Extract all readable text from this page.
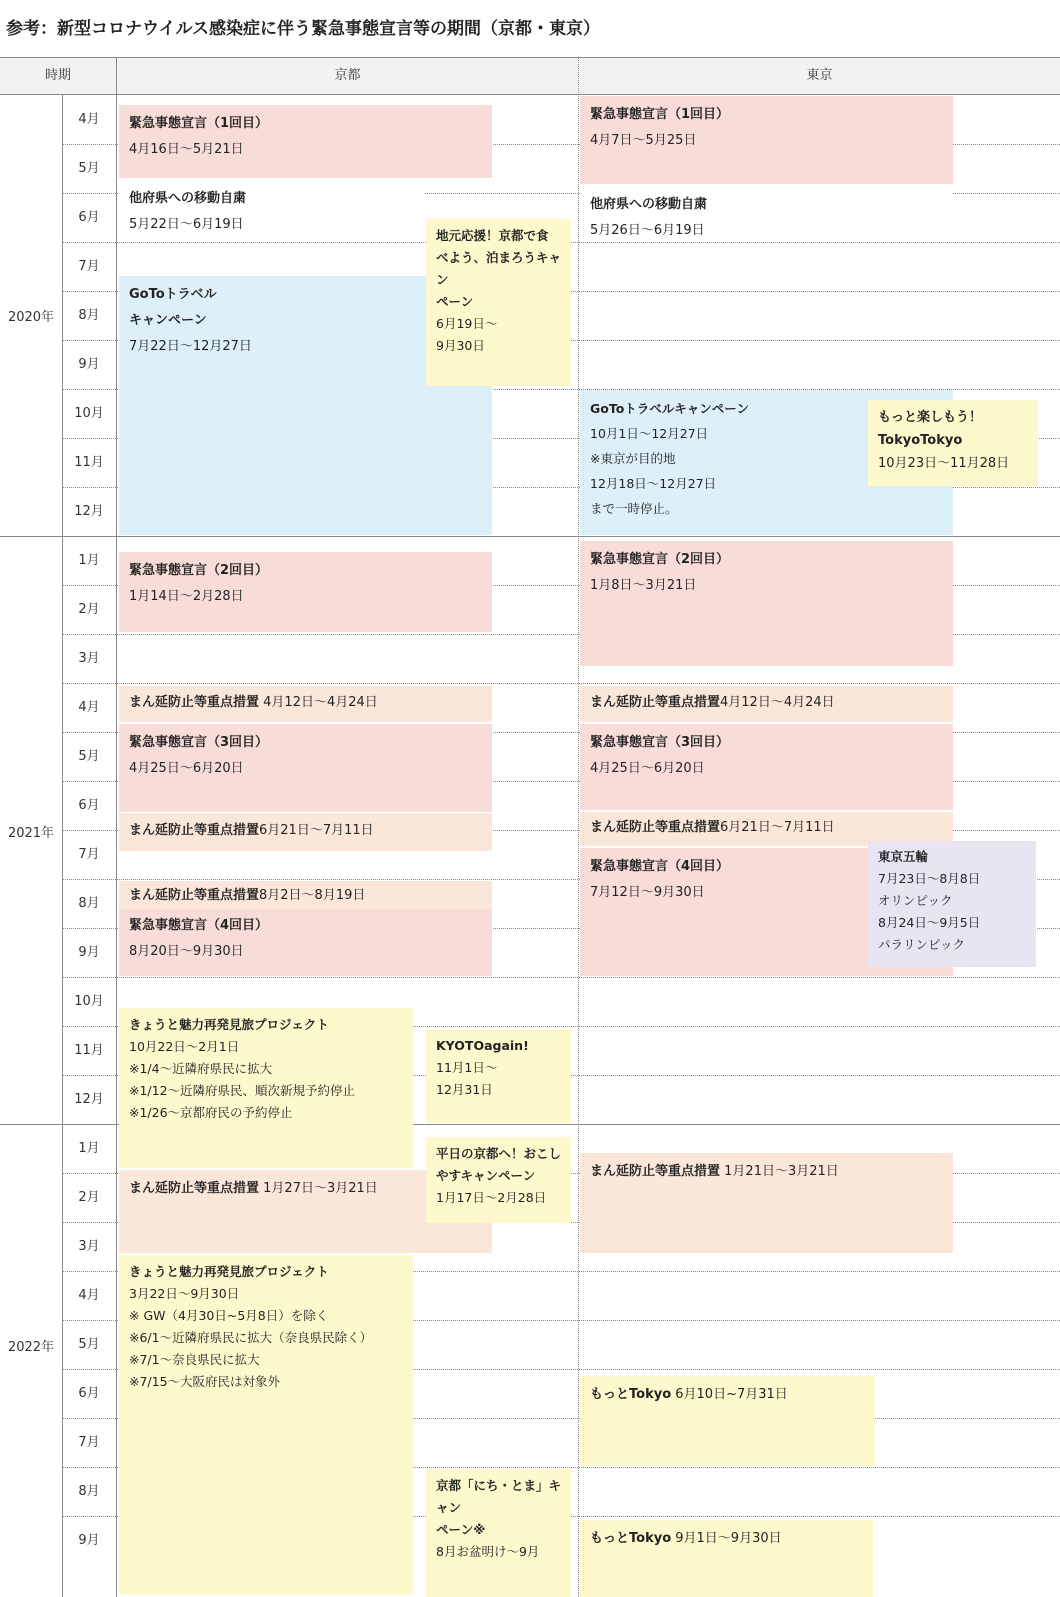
参考：新型コロナウイルス感染症に伴う緊急事態宣言等の期間（京都・東京）
時期	京都	東京
4月
5月
6月
7月
8月
9月
10月
11月
12月
1月
2月
3月
4月
5月
6月
7月
8月
9月
10月
11月
12月
1月
2月
3月
4月
5月
6月
7月
8月
9月
2020年
2021年
2022年
緊急事態宣言（1回目）
4月16日～5月21日
他府県への移動自粛
5月22日～6月19日
GoToトラベル
キャンペーン
7月22日～12月27日
地元応援！京都で食
べよう、泊まろうキャン
ペーン
6月19日～
9月30日
緊急事態宣言（2回目）
1月14日～2月28日
まん延防止等重点措置 4月12日～4月24日
緊急事態宣言（3回目）
4月25日～6月20日
まん延防止等重点措置6月21日～7月11日
まん延防止等重点措置8月2日～8月19日
緊急事態宣言（4回目）
8月20日～9月30日
きょうと魅力再発見旅プロジェクト
10月22日～2月1日
※1/4～近隣府県民に拡大
※1/12～近隣府県民、順次新規予約停止
※1/26～京都府民の予約停止
KYOTOagain!
11月1日～
12月31日
まん延防止等重点措置 1月27日～3月21日
平日の京都へ！おこし
やすキャンペーン
1月17日～2月28日
きょうと魅力再発見旅プロジェクト
3月22日～9月30日
※ GW（4月30日~5月8日）を除く
※6/1～近隣府県民に拡大（奈良県民除く）
※7/1～奈良県民に拡大
※7/15～大阪府民は対象外
京都「にち・とま」キャン
ペーン※
8月お盆明け～9月
緊急事態宣言（1回目）
4月7日～5月25日
他府県への移動自粛
5月26日～6月19日
GoToトラベルキャンペーン
10月1日～12月27日
※東京が目的地
12月18日～12月27日
まで一時停止。
もっと楽しもう！
TokyoTokyo
10月23日～11月28日
緊急事態宣言（2回目）
1月8日～3月21日
まん延防止等重点措置4月12日～4月24日
緊急事態宣言（3回目）
4月25日～6月20日
まん延防止等重点措置6月21日～7月11日
緊急事態宣言（4回目）
7月12日～9月30日
東京五輪
7月23日～8月8日
オリンピック
8月24日～9月5日
パラリンピック
まん延防止等重点措置 1月21日～3月21日
もっとTokyo 6月10日~7月31日
もっとTokyo 9月1日～9月30日
